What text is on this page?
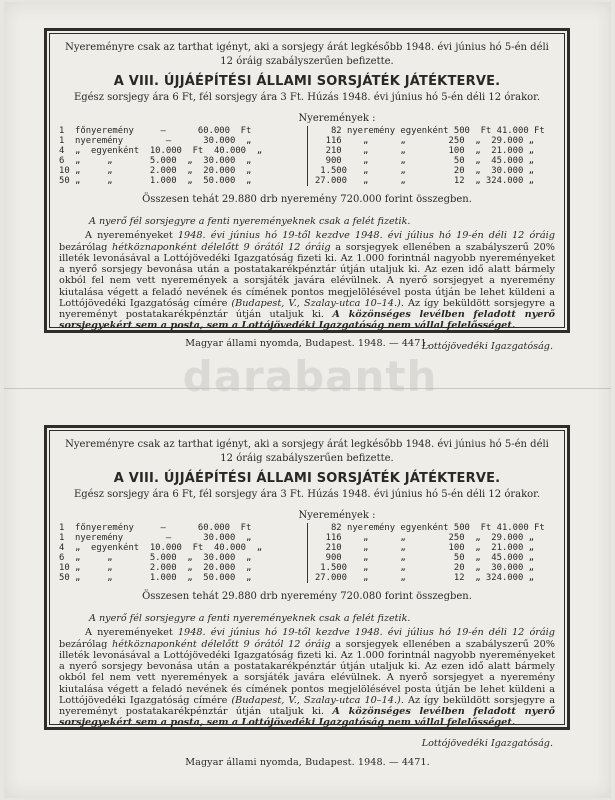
Nyereményre csak az tarthat igényt, aki a sorsjegy árát legkésőbb 1948. évi június hó 5-én déli 12 óráig szabályszerűen befizette.
A VIII. ÚJJÁÉPÍTÉSI ÁLLAMI SORSJÁTÉK JÁTÉKTERVE.
Egész sorsjegy ára 6 Ft, fél sorsjegy ára 3 Ft. Húzás 1948. évi június hó 5-én déli 12 órakor.
Nyeremények :
1  főnyeremény     —      60.000  Ft
1  nyeremény        —      30.000  „
4  „  egyenként  10.000  Ft  40.000  „
6  „     „       5.000  „  30.000  „
10 „     „       2.000  „  20.000  „
50 „     „       1.000  „  50.000  „
82 nyeremény egyenként 500  Ft 41.000 Ft
116    „      „        250  „  29.000 „
210    „      „        100  „  21.000 „
900    „      „         50  „  45.000 „
1.500   „      „         20  „  30.000 „
27.000   „      „         12  „ 324.000 „
Összesen tehát 29.880 drb nyeremény 720.000 forint összegben.
A nyerő fél sorsjegyre a fenti nyereményeknek csak a felét fizetik.
A nyereményeket 1948. évi június hó 19-től kezdve 1948. évi július hó 19-én déli 12 óráig bezárólag hétköznaponként délelőtt 9 órától 12 óráig a sorsjegyek ellenében a szabályszerű 20% illeték levonásával a Lottójövedéki Igazgatóság fizeti ki. Az 1.000 forintnál nagyobb nyereményeket a nyerő sorsjegy bevonása után a postatakarékpénztár útján utaljuk ki. Az ezen idő alatt bármely okból fel nem vett nyeremények a sorsjáték javára elévülnek. A nyerő sorsjegyet a nyeremény kiutalása végett a feladó nevének és címének pontos megjelölésével posta útján be lehet küldeni a Lottójövedéki Igazgatóság címére (Budapest, V., Szalay-utca 10–14.). Az így beküldött sorsjegyre a nyereményt postatakarékpénztár útján utaljuk ki. A közönséges levélben feladott nyerő sorsjegyekért sem a posta, sem a Lottójövedéki Igazgatóság nem vállal felelősséget.
Lottójövedéki Igazgatóság.
Magyar állami nyomda, Budapest. 1948. — 4471.
darabanth
Nyereményre csak az tarthat igényt, aki a sorsjegy árát legkésőbb 1948. évi június hó 5-én déli 12 óráig szabályszerűen befizette.
A VIII. ÚJJÁÉPÍTÉSI ÁLLAMI SORSJÁTÉK JÁTÉKTERVE.
Egész sorsjegy ára 6 Ft, fél sorsjegy ára 3 Ft. Húzás 1948. évi június hó 5-én déli 12 órakor.
Nyeremények :
1  főnyeremény     —      60.000  Ft
1  nyeremény        —      30.000  „
4  „  egyenként  10.000  Ft  40.000  „
6  „     „       5.000  „  30.000  „
10 „     „       2.000  „  20.000  „
50 „     „       1.000  „  50.000  „
82 nyeremény egyenként 500  Ft 41.000 Ft
116    „      „        250  „  29.000 „
210    „      „        100  „  21.000 „
900    „      „         50  „  45.000 „
1.500   „      „         20  „  30.000 „
27.000   „      „         12  „ 324.000 „
Összesen tehát 29.880 drb nyeremény 720.080 forint összegben.
A nyerő fél sorsjegyre a fenti nyereményeknek csak a felét fizetik.
A nyereményeket 1948. évi június hó 19-től kezdve 1948. évi július hó 19-én déli 12 óráig bezárólag hétköznaponként délelőtt 9 órától 12 óráig a sorsjegyek ellenében a szabályszerű 20% illeték levonásával a Lottójövedéki Igazgatóság fizeti ki. Az 1.000 forintnál nagyobb nyereményeket a nyerő sorsjegy bevonása után a postatakarékpénztár útján utaljuk ki. Az ezen idő alatt bármely okból fel nem vett nyeremények a sorsjáték javára elévülnek. A nyerő sorsjegyet a nyeremény kiutalása végett a feladó nevének és címének pontos megjelölésével posta útján be lehet küldeni a Lottójövedéki Igazgatóság címére (Budapest, V., Szalay-utca 10–14.). Az így beküldött sorsjegyre a nyereményt postatakarékpénztár útján utaljuk ki. A közönséges levélben feladott nyerő sorsjegyekért sem a posta, sem a Lottójövedéki Igazgatóság nem vállal felelősséget.
Lottójövedéki Igazgatóság.
Magyar állami nyomda, Budapest. 1948. — 4471.
